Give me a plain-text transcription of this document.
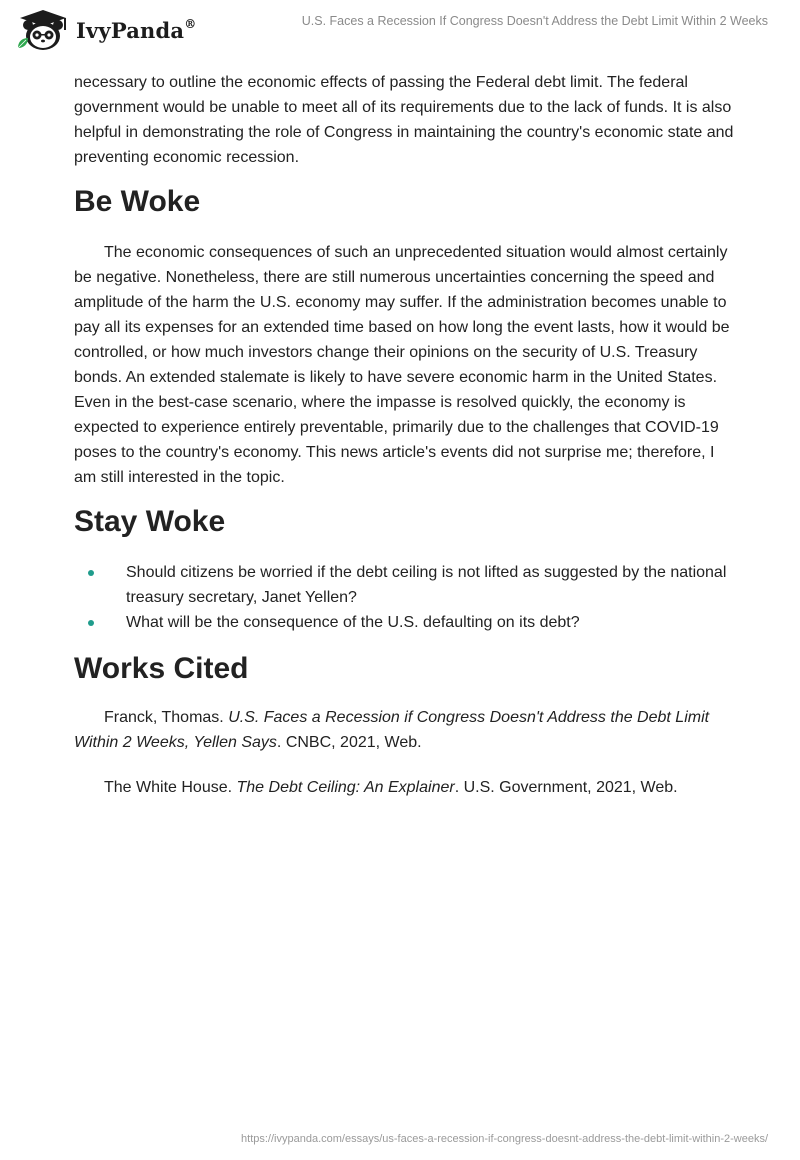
IvyPanda®	U.S. Faces a Recession If Congress Doesn't Address the Debt Limit Within 2 Weeks

necessary to outline the economic effects of passing the Federal debt limit. The federal government would be unable to meet all of its requirements due to the lack of funds. It is also helpful in demonstrating the role of Congress in maintaining the country's economic state and preventing economic recession.

Be Woke

The economic consequences of such an unprecedented situation would almost certainly be negative. Nonetheless, there are still numerous uncertainties concerning the speed and amplitude of the harm the U.S. economy may suffer. If the administration becomes unable to pay all its expenses for an extended time based on how long the event lasts, how it would be controlled, or how much investors change their opinions on the security of U.S. Treasury bonds. An extended stalemate is likely to have severe economic harm in the United States. Even in the best-case scenario, where the impasse is resolved quickly, the economy is expected to experience entirely preventable, primarily due to the challenges that COVID-19 poses to the country's economy. This news article's events did not surprise me; therefore, I am still interested in the topic.

Stay Woke
Should citizens be worried if the debt ceiling is not lifted as suggested by the national treasury secretary, Janet Yellen?
What will be the consequence of the U.S. defaulting on its debt?
Works Cited

Franck, Thomas. U.S. Faces a Recession if Congress Doesn't Address the Debt Limit Within 2 Weeks, Yellen Says. CNBC, 2021, Web.

The White House. The Debt Ceiling: An Explainer. U.S. Government, 2021, Web.

https://ivypanda.com/essays/us-faces-a-recession-if-congress-doesnt-address-the-debt-limit-within-2-weeks/
